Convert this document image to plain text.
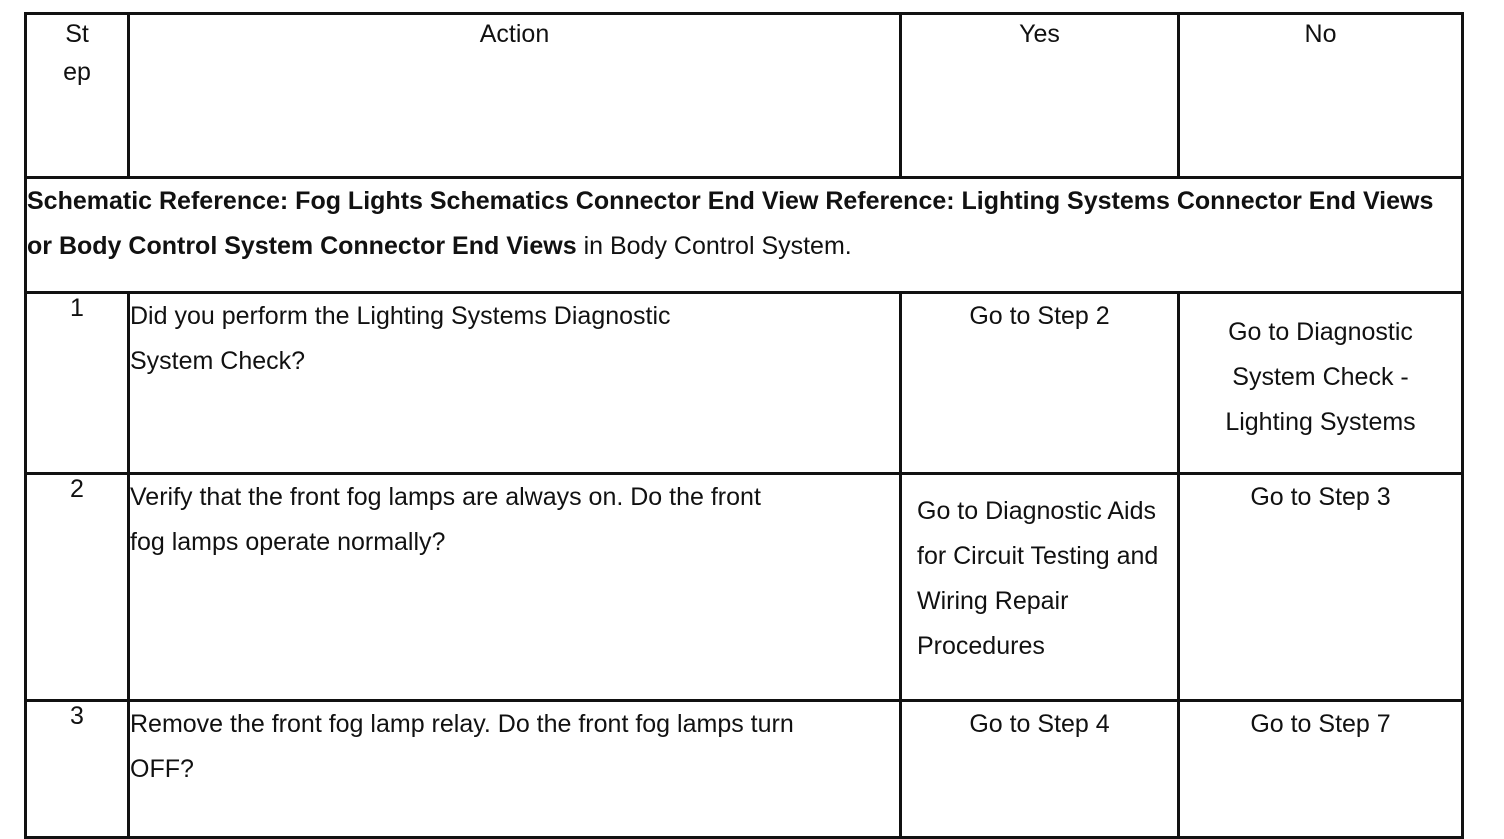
St ep	Action	Yes	No
Schematic Reference: Fog Lights Schematics Connector End View Reference: Lighting Systems Connector End Views or Body Control System Connector End Views in Body Control System.			
1	Did you perform the Lighting Systems Diagnostic System Check?	Go to Step 2	Go to Diagnostic System Check - Lighting Systems

2	Verify that the front fog lamps are always on. Do the front fog lamps operate normally?	Go to Diagnostic Aids for Circuit Testing and Wiring Repair Procedures	Go to Step 3

3	Remove the front fog lamp relay. Do the front fog lamps turn OFF?	Go to Step 4	Go to Step 7
